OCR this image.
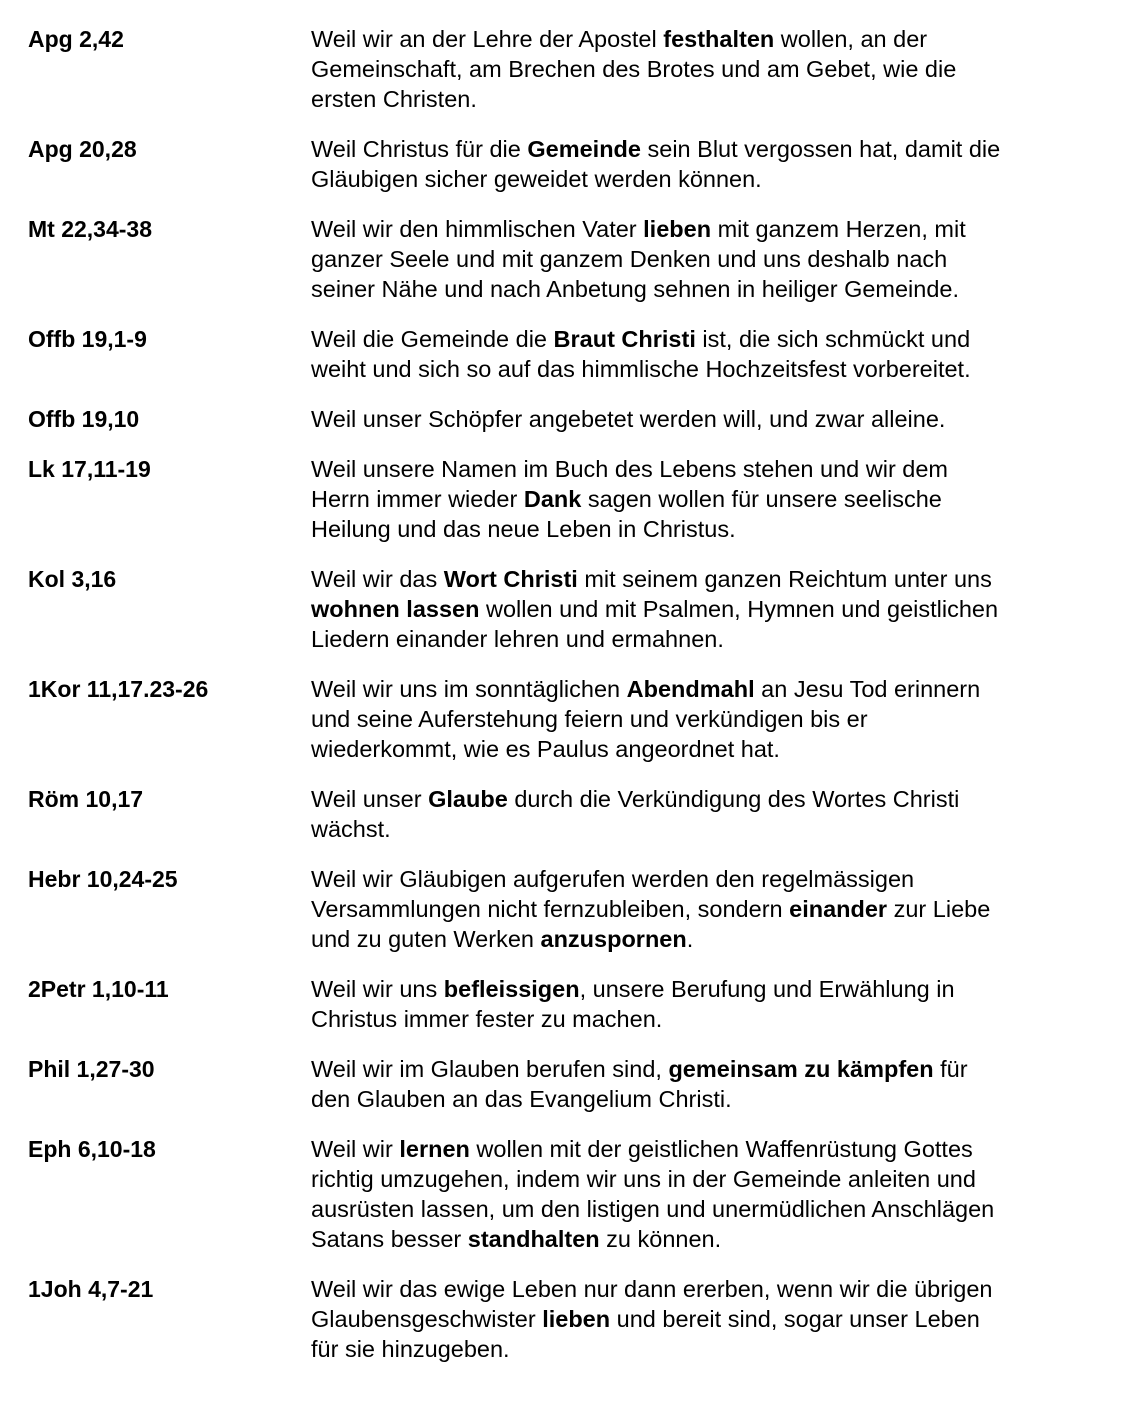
Apg 2,42	Weil wir an der Lehre der Apostel festhalten wollen, an der
Gemeinschaft, am Brechen des Brotes und am Gebet, wie die
ersten Christen.
Apg 20,28	Weil Christus für die Gemeinde sein Blut vergossen hat, damit die
Gläubigen sicher geweidet werden können.
Mt 22,34-38	Weil wir den himmlischen Vater lieben mit ganzem Herzen, mit
ganzer Seele und mit ganzem Denken und uns deshalb nach
seiner Nähe und nach Anbetung sehnen in heiliger Gemeinde.
Offb 19,1-9	Weil die Gemeinde die Braut Christi ist, die sich schmückt und
weiht und sich so auf das himmlische Hochzeitsfest vorbereitet.
Offb 19,10	Weil unser Schöpfer angebetet werden will, und zwar alleine.
Lk 17,11-19	Weil unsere Namen im Buch des Lebens stehen und wir dem
Herrn immer wieder Dank sagen wollen für unsere seelische
Heilung und das neue Leben in Christus.
Kol 3,16	Weil wir das Wort Christi mit seinem ganzen Reichtum unter uns
wohnen lassen wollen und mit Psalmen, Hymnen und geistlichen
Liedern einander lehren und ermahnen.
1Kor 11,17.23-26	Weil wir uns im sonntäglichen Abendmahl an Jesu Tod erinnern
und seine Auferstehung feiern und verkündigen bis er
wiederkommt, wie es Paulus angeordnet hat.
Röm 10,17	Weil unser Glaube durch die Verkündigung des Wortes Christi
wächst.
Hebr 10,24-25	Weil wir Gläubigen aufgerufen werden den regelmässigen
Versammlungen nicht fernzubleiben, sondern einander zur Liebe
und zu guten Werken anzuspornen.
2Petr 1,10-11	Weil wir uns befleissigen, unsere Berufung und Erwählung in
Christus immer fester zu machen.
Phil 1,27-30	Weil wir im Glauben berufen sind, gemeinsam zu kämpfen für
den Glauben an das Evangelium Christi.
Eph 6,10-18	Weil wir lernen wollen mit der geistlichen Waffenrüstung Gottes
richtig umzugehen, indem wir uns in der Gemeinde anleiten und
ausrüsten lassen, um den listigen und unermüdlichen Anschlägen
Satans besser standhalten zu können.
1Joh 4,7-21	Weil wir das ewige Leben nur dann ererben, wenn wir die übrigen
Glaubensgeschwister lieben und bereit sind, sogar unser Leben
für sie hinzugeben.
